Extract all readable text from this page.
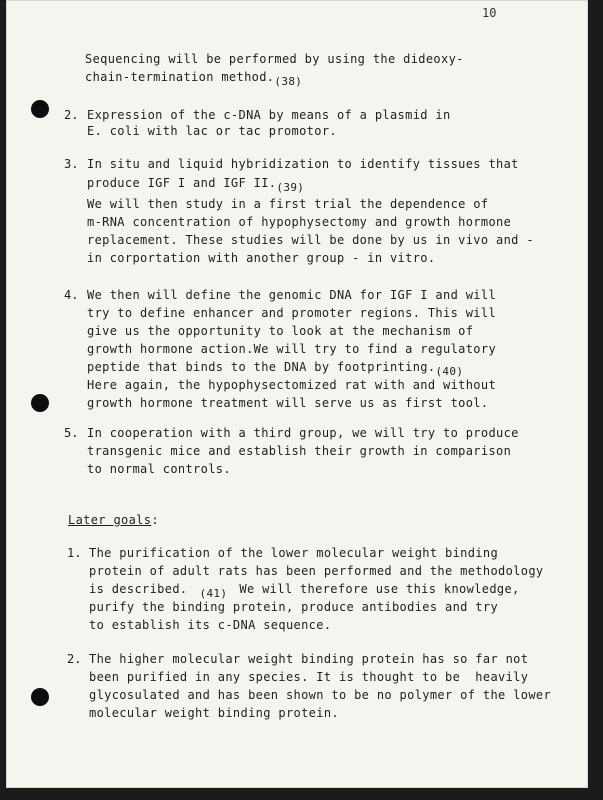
10
Sequencing will be performed by using the dideoxy-
chain-termination method.(38)
2. Expression of the c-DNA by means of a plasmid in
E. coli with lac or tac promotor.
3. In situ and liquid hybridization to identify tissues that
produce IGF I and IGF II.(39)
We will then study in a first trial the dependence of
m-RNA concentration of hypophysectomy and growth hormone
replacement. These studies will be done by us in vivo and -
in corportation with another group - in vitro.
4. We then will define the genomic DNA for IGF I and will
try to define enhancer and promoter regions. This will
give us the opportunity to look at the mechanism of
growth hormone action.We will try to find a regulatory
peptide that binds to the DNA by footprinting.(40)
Here again, the hypophysectomized rat with and without
growth hormone treatment will serve us as first tool.
5. In cooperation with a third group, we will try to produce
transgenic mice and establish their growth in comparison
to normal controls.
Later goals:
1. The purification of the lower molecular weight binding
protein of adult rats has been performed and the methodology
is described. (41) We will therefore use this knowledge,
purify the binding protein, produce antibodies and try
to establish its c-DNA sequence.
2. The higher molecular weight binding protein has so far not
been purified in any species. It is thought to be  heavily
glycosulated and has been shown to be no polymer of the lower
molecular weight binding protein.
